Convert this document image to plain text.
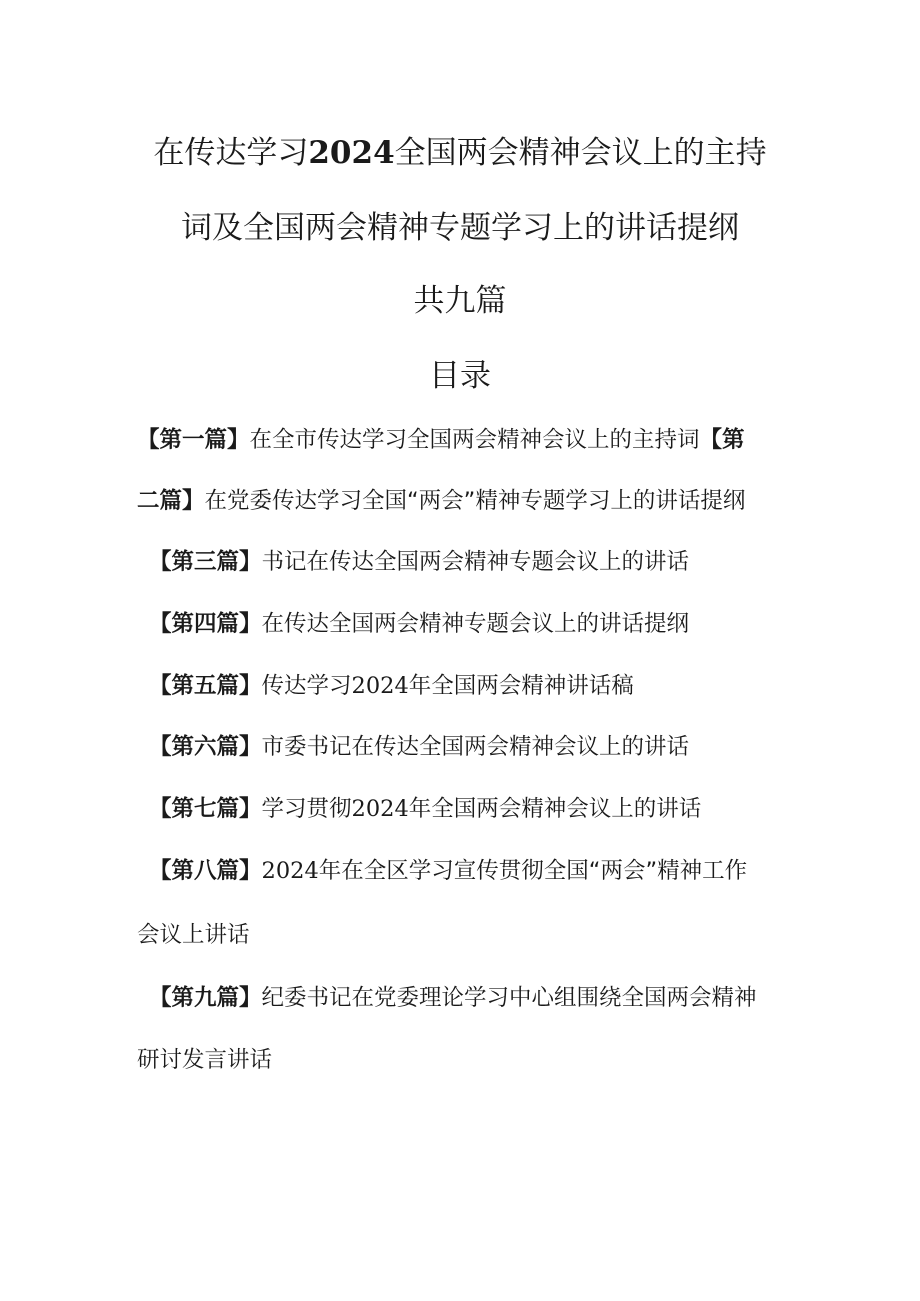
在传达学习2024全国两会精神会议上的主持
词及全国两会精神专题学习上的讲话提纲
共九篇
目录
【第一篇】在全市传达学习全国两会精神会议上的主持词【第
二篇】在党委传达学习全国“两会”精神专题学习上的讲话提纲
【第三篇】书记在传达全国两会精神专题会议上的讲话
【第四篇】在传达全国两会精神专题会议上的讲话提纲
【第五篇】传达学习2024年全国两会精神讲话稿
【第六篇】市委书记在传达全国两会精神会议上的讲话
【第七篇】学习贯彻2024年全国两会精神会议上的讲话
【第八篇】2024年在全区学习宣传贯彻全国“两会”精神工作
会议上讲话
【第九篇】纪委书记在党委理论学习中心组围绕全国两会精神
研讨发言讲话
